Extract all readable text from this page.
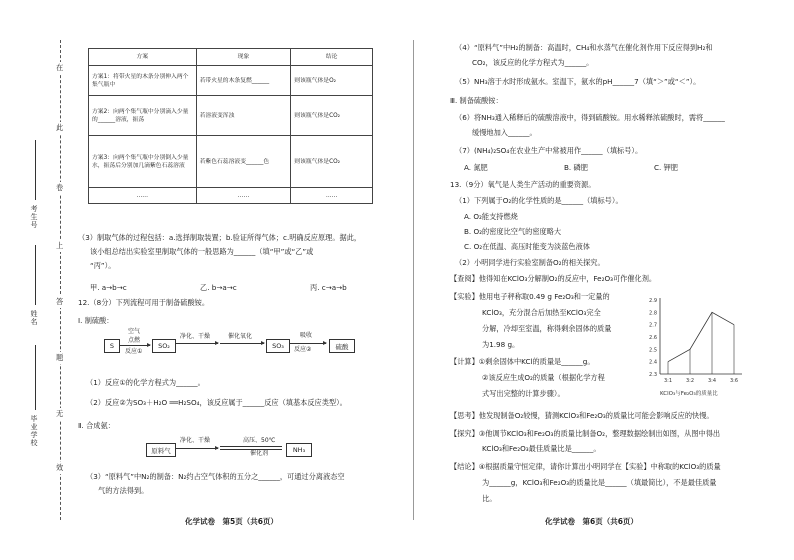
在
此
卷
上
答
题
无
效
考生号
姓名
毕业学校
方案	现象	结论
方案1：将带火星的木条分别伸入两个集气瓶中	若带火星的木条复燃______	则该瓶气体是O₂
方案2：向两个集气瓶中分别滴入少量的______溶液，振荡	若溶液变浑浊	则该瓶气体是CO₂
方案3：向两个集气瓶中分别倒入少量水，振荡后分别加几滴紫色石蕊溶液	若紫色石蕊溶液变______色	则该瓶气体是CO₂
……	……	……
（3）制取气体的过程包括：a.选择制取装置；b.验证所得气体；c.明确反应原理。据此，
该小组总结出实验室里制取气体的一般思路为______（填“甲”或“乙”或
“丙”）。
甲. a→b→c	乙. b→a→c	丙. c→a→b
12.（8分）下列流程可用于制备硫酸铵。
Ⅰ. 制硫酸：
S
空气
点燃
反应①
SO₂
净化、干燥	催化氧化
SO₃
吸收
反应②	硫酸
（1）反应①的化学方程式为______。
（2）反应②为SO₃＋H₂O ══H₂SO₄，该反应属于______反应（填基本反应类型）。
Ⅱ. 合成氨：
原料气
净化、干燥	高压、50℃
催化剂	NH₃
（3）“原料气”中N₂的制备：N₂约占空气体积的五分之______，可通过分离液态空
气的方法得到。
化学试卷　第5页（共6页）
（4）“原料气”中H₂的制备：高温时，CH₄和水蒸气在催化剂作用下反应得到H₂和
CO₂，该反应的化学方程式为______。
（5）NH₃溶于水时形成氨水。室温下，氨水的pH______7（填“＞”或“＜”）。
Ⅲ. 制备硫酸铵：
（6）将NH₃通入稀释后的硫酸溶液中，得到硫酸铵。用水稀释浓硫酸时，需将______
缓慢地加入______。
（7）(NH₄)₂SO₄在农业生产中常被用作______（填标号）。
A. 氮肥	B. 磷肥	C. 钾肥
13.（9分）氧气是人类生产活动的重要资源。
（1）下列属于O₂的化学性质的是______（填标号）。
A. O₂能支持燃烧
B. O₂的密度比空气的密度略大
C. O₂在低温、高压时能变为淡蓝色液体
（2）小明同学进行实验室制备O₂的相关探究。
【查阅】他得知在KClO₃分解制O₂的反应中，Fe₂O₃可作催化剂。
【实验】他用电子秤称取0.49 g Fe₂O₃和一定量的
KClO₃，充分混合后加热至KClO₃完全
分解，冷却至室温，称得剩余固体的质量
为1.98 g。
【计算】①剩余固体中KCl的质量是______g。
②该反应生成O₂的质量（根据化学方程
式写出完整的计算步骤）。
【思考】他发现制备O₂较慢，猜测KClO₃和Fe₂O₃的质量比可能会影响反应的快慢。
【探究】③他调节KClO₃和Fe₂O₃的质量比制备O₂，整理数据绘制出如图，从图中得出
KClO₃和Fe₂O₃最佳质量比是______。
【结论】④根据质量守恒定律，请你计算出小明同学在【实验】中称取的KClO₃的质量
为______g，KClO₃和Fe₂O₃的质量比是______（填最简比），不是最佳质量
比。
化学试卷　第6页（共6页）
2.9
2.8
2.7
2.6
2.5
2.4
2.3
3:1	3:2	3:4	3:6
KClO₃与Fe₂O₃的质量比
